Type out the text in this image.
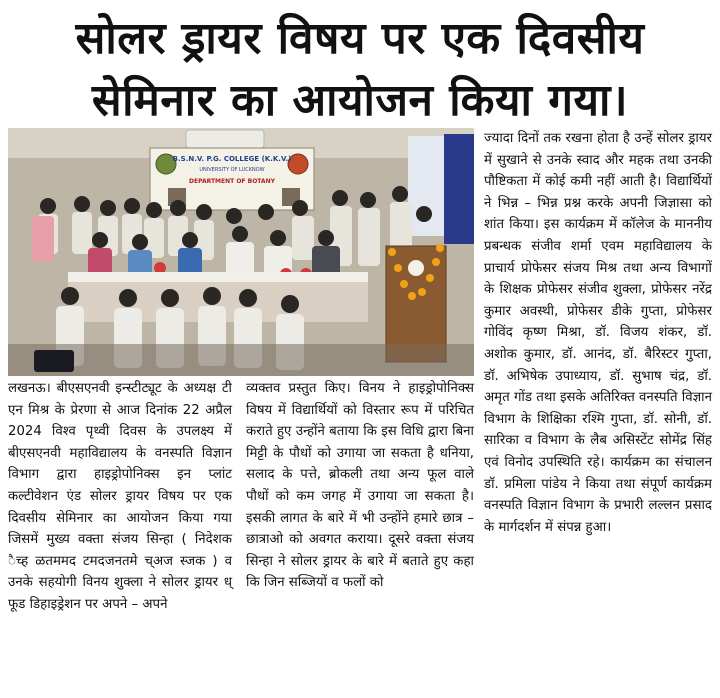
सोलर ड्रायर विषय पर एक दिवसीय
सेमिनार का आयोजन किया गया।
B.S.N.V. P.G. COLLEGE (K.K.V.)
UNIVERSITY OF LUCKNOW
DEPARTMENT OF BOTANY

लखनऊ। बीएसएनवी इन्स्टीट्यूट के अध्यक्ष टी एन मिश्र के प्रेरणा से आज दिनांक 22 अप्रैल 2024 विश्व पृथ्वी दिवस के उपलक्ष्य में बीएसएनवी महाविद्यालय के वनस्पति विज्ञान विभाग द्वारा हाइड्रोपोनिक्स इन प्लांट कल्टीवेशन एंड सोलर ड्रायर विषय पर एक दिवसीय सेमिनार का आयोजन किया गया जिसमें मुख्य वक्ता संजय सिन्हा ( निदेशक ैच्ह ळतममद टमदजनतमे च्अज स्जक ) व उनके सहयोगी विनय शुक्ला ने सोलर ड्रायर ध् फूड डिहाइड्रेशन पर अपने – अपने

व्यक्तव प्रस्तुत किए। विनय ने हाइड्रोपोनिक्स विषय में विद्यार्थियों को विस्तार रूप में परिचित कराते हुए उन्होंने बताया कि इस विधि द्वारा बिना मिट्टी के पौधों को उगाया जा सकता है धनिया, सलाद के पत्ते, ब्रोकली तथा अन्य फूल वाले पौधों को कम जगह में उगाया जा सकता है। इसकी लागत के बारे में भी उन्होंने हमारे छात्र – छात्राओ को अवगत कराया। दूसरे वक्ता संजय सिन्हा ने सोलर ड्रायर के बारे में बताते हुए कहा कि जिन सब्जियों व फलों को

ज्यादा दिनों तक रखना होता है उन्हें सोलर ड्रायर में सुखाने से उनके स्वाद और महक तथा उनकी पौष्टिकता में कोई कमी नहीं आती है। विद्यार्थियों ने भिन्न – भिन्न प्रश्न करके अपनी जिज्ञासा को शांत किया। इस कार्यक्रम में कॉलेज के माननीय प्रबन्धक संजीव शर्मा एवम महाविद्यालय के प्राचार्य प्रोफेसर संजय मिश्र तथा अन्य विभागों के शिक्षक प्रोफेसर संजीव शुक्ला, प्रोफेसर नरेंद्र कुमार अवस्थी, प्रोफेसर डीके गुप्ता, प्रोफेसर गोविंद कृष्ण मिश्रा, डॉ. विजय शंकर, डॉ. अशोक कुमार, डॉ. आनंद, डॉ. बैरिस्टर गुप्ता, डॉ. अभिषेक उपाध्याय, डॉ. सुभाष चंद्र, डॉ. अमृत गोंड तथा इसके अतिरिक्त वनस्पति विज्ञान विभाग के शिक्षिका रश्मि गुप्ता, डॉ. सोनी, डॉ. सारिका व विभाग के लैब असिस्टेंट सोमेंद्र सिंह एवं विनोद उपस्थिति रहे। कार्यक्रम का संचालन डॉ. प्रमिला पांडेय ने किया तथा संपूर्ण कार्यक्रम वनस्पति विज्ञान विभाग के प्रभारी लल्लन प्रसाद के मार्गदर्शन में संपन्न हुआ।
